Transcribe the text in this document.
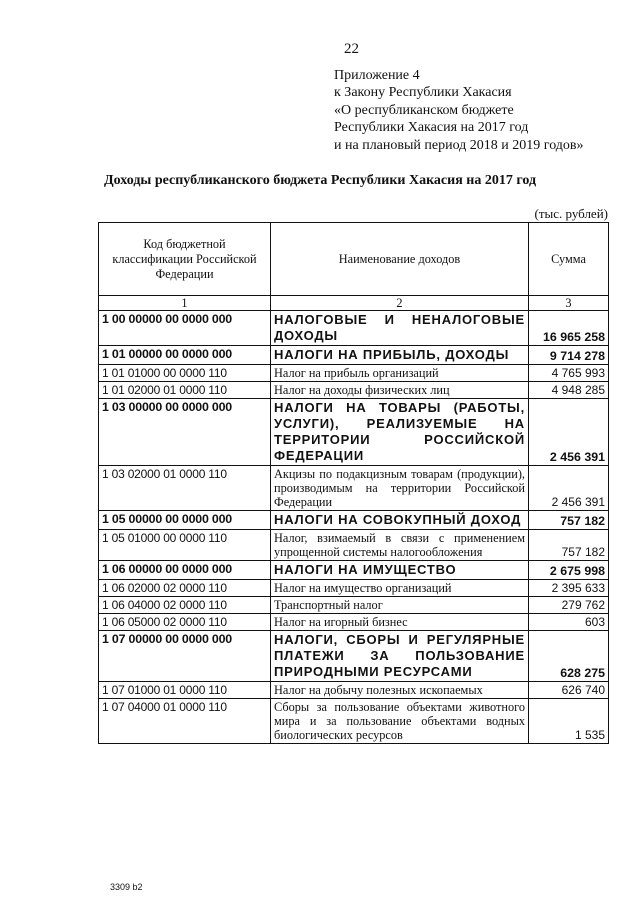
22
Приложение 4
к Закону Республики Хакасия
«О республиканском бюджете
Республики Хакасия на 2017 год
и на плановый период 2018 и 2019 годов»
Доходы республиканского бюджета Республики Хакасия на 2017 год
(тыс. рублей)
Код бюджетной классификации Российской Федерации	Наименование доходов	Сумма
1	2	3
1 00 00000 00 0000 000	НАЛОГОВЫЕ И НЕНАЛОГОВЫЕ ДОХОДЫ	16 965 258
1 01 00000 00 0000 000	НАЛОГИ НА ПРИБЫЛЬ, ДОХОДЫ	9 714 278
1 01 01000 00 0000 110	Налог на прибыль организаций	4 765 993
1 01 02000 01 0000 110	Налог на доходы физических лиц	4 948 285
1 03 00000 00 0000 000	НАЛОГИ НА ТОВАРЫ (РАБОТЫ, УСЛУГИ), РЕАЛИЗУЕМЫЕ НА ТЕРРИТОРИИ РОССИЙСКОЙ ФЕДЕРАЦИИ	2 456 391
1 03 02000 01 0000 110	Акцизы по подакцизным товарам (продукции), производимым на территории Российской Федерации	2 456 391
1 05 00000 00 0000 000	НАЛОГИ НА СОВОКУПНЫЙ ДОХОД	757 182
1 05 01000 00 0000 110	Налог, взимаемый в связи с применением упрощенной системы налогообложения	757 182
1 06 00000 00 0000 000	НАЛОГИ НА ИМУЩЕСТВО	2 675 998
1 06 02000 02 0000 110	Налог на имущество организаций	2 395 633
1 06 04000 02 0000 110	Транспортный налог	279 762
1 06 05000 02 0000 110	Налог на игорный бизнес	603
1 07 00000 00 0000 000	НАЛОГИ, СБОРЫ И РЕГУЛЯРНЫЕ ПЛАТЕЖИ ЗА ПОЛЬЗОВАНИЕ ПРИРОДНЫМИ РЕСУРСАМИ	628 275
1 07 01000 01 0000 110	Налог на добычу полезных ископаемых	626 740
1 07 04000 01 0000 110	Сборы за пользование объектами животного мира и за пользование объектами водных биологических ресурсов	1 535
3309 b2
